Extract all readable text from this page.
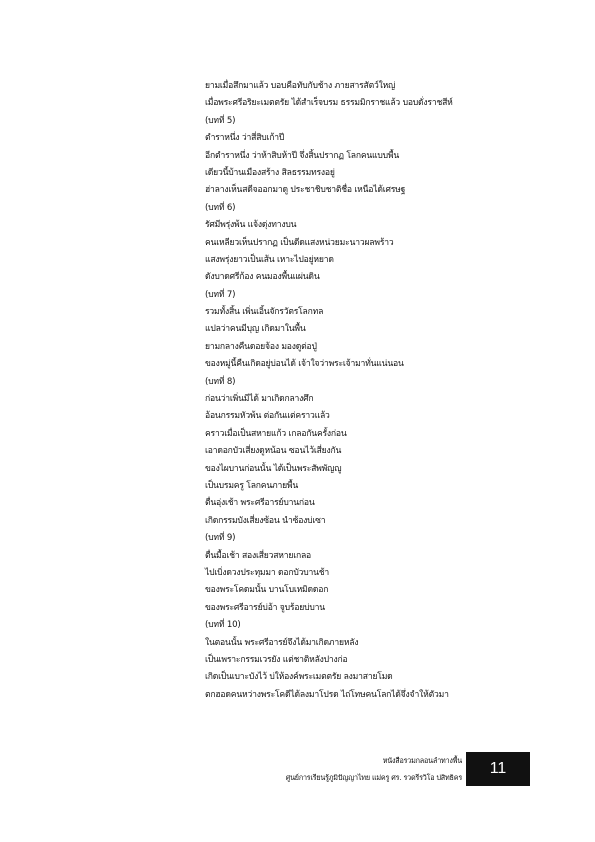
ยามเมื่อสึกมาแล้ว บอบคือทับกับช้าง ภายสารสัตว์ใหญ่
เมื่อพระศรีอริยะเมตตรัย ได้สำเร็จบรม ธรรมมิกราชแล้ว บอบดั่งราชสีห์
(บทที่ 5)
ตำราหนึ่ง ว่าสี่สิบเก้าปี
อีกตำราหนึ่ง ว่าห้าสิบห้าปี จึ่งสิ้นปรากฏ โลกคนแบบพื้น
เดียวนี้บ้านเมืองสร้าง สิลธรรมทรงอยู่
ฮ่าลางเห็นสดีจออกมาดู ประชาชิบชาติชื่อ เหนือได้เศรษฐ
(บทที่ 6)
รัศมีพรุ่งพ้น แจ้งดุ่งทางบน
คนเหลียวเห็นปรากฏ เป็นดีดแสงหน่วยมะนาวผลพร้าว
แสงพรุ่งยาวเป็นเส้น เหาะไปอยู่หยาด
ดังบาดศรีก้อง คนมองพื้นแผ่นดิน
(บทที่ 7)
รวมทั้งสิ้น เพิ่นเอิ้นจักรวัตรโลกทล
แปลว่าคนมีบุญ เกิดมาในพื้น
ยามกลางคืนดอยจ้อง มองดูต่อปู่
ของหมู่นี้คืนเกิดอยู่บ่อนได้ เจ้าใจว่าพระเจ้ามาทั่นแน่นอน
(บทที่ 8)
ก่อนว่าเพิ่นมีได้ มาเกิดกลางศึก
อ้อนกรรมหัวพ้น ต่อกันแต่คราวแล้ว
คราวเมื่อเป็นสหายแก้ว เกลอกันครั้งก่อน
เอาดอกบัวเสี่ยงดูหน้อน ซอนไว้เสี่ยงกัน
ของไผบานก่อนนั้น ได้เป็นพระสัพพัญญู
เป็นบรมครู โลกคนภายพื้น
ตื่นอุ่งเช้า พระศรีอารย์บานก่อน
เกิดกรรมบังเสี่ยงซ้อน นำซ้องบ่เซา
(บทที่ 9)
ตื่นมื้อเช้า สองเสี่ยวสหายเกลอ
ไปเบิ่งดวงประทุมมา ดอกบัวบานช้า
ของพระโคดมนั้น บานโบเหมิดดอก
ของพระศรีอารย์บ่อ้า จูบร้อยบ่บาน
(บทที่ 10)
ในตอนนั้น พระศรีอารย์จึงได้มาเกิดภายหลัง
เป็นเพราะกรรมเวรยัง แต่ชาติหลังปางก่อ
เกิดเป็นเบาะบังไว้ บ่ให้องค์พระเมตตรัย ลงมาสายโมด
ตกฮอดคนหว่างพระโคดีได้ลงมาโปรด ไถ่โทษคนโลกได้จึ่งจำให้ตัวมา
หนังสือรวมกลอนลำทางพื้น
ศูนย์การเรียนรู้ภูมิปัญญาไทย แม่ครู ศร. รวดรีรวิโอ บ่สิทธิคร
11
